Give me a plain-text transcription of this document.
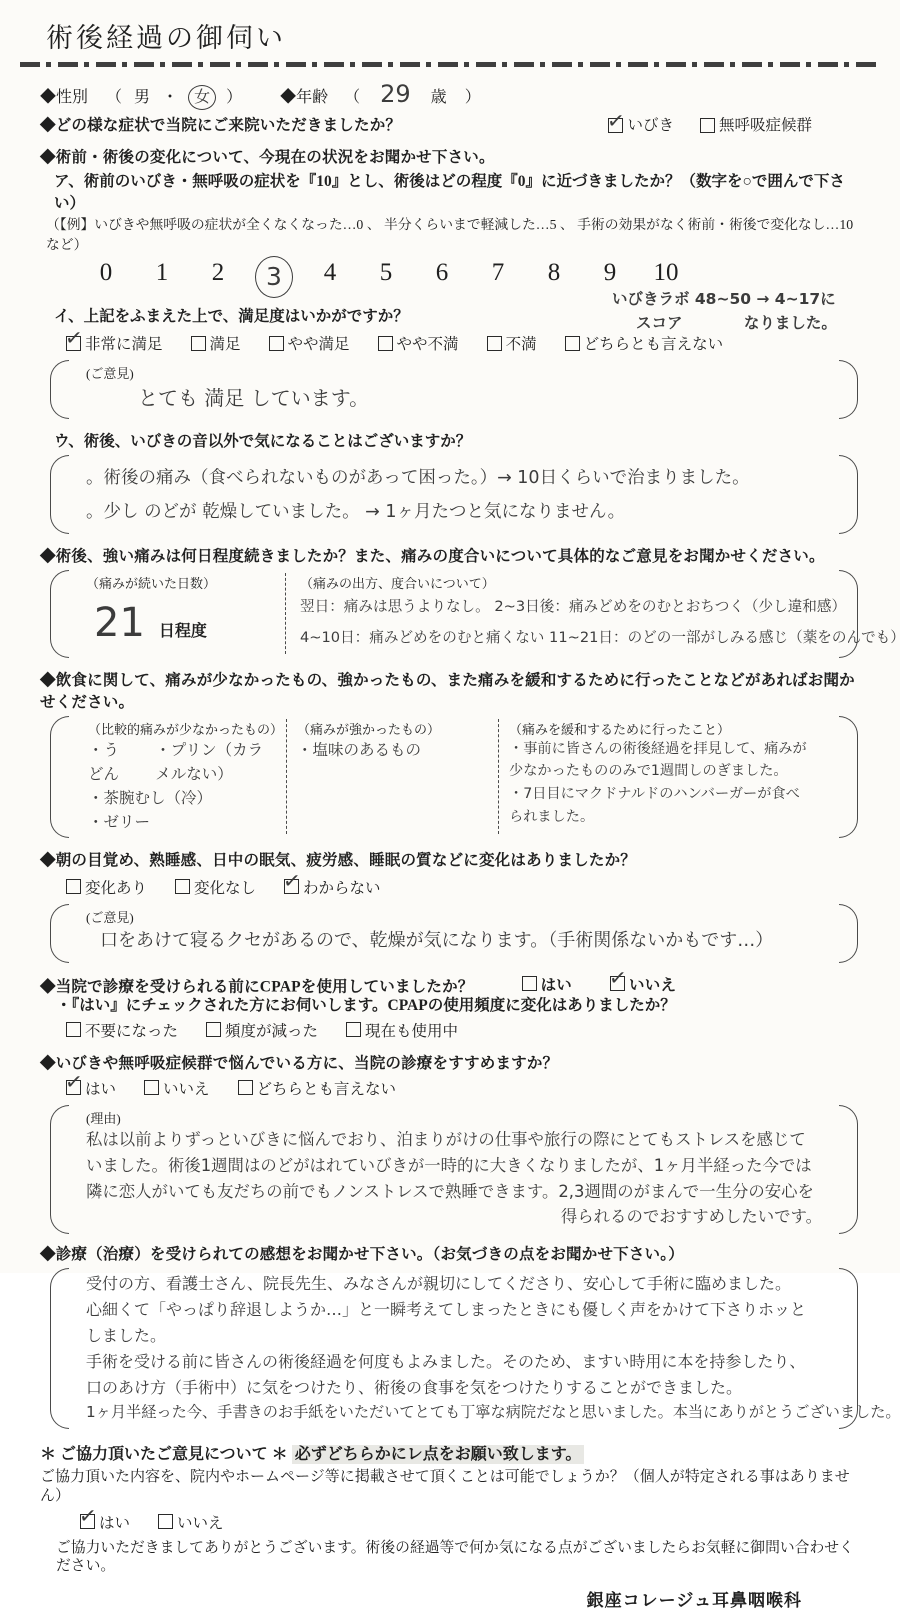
術後経過の御伺い
◆性別 （ 男 ・ 女 ） ◆年齢 （ 29 歳 ）
◆どの様な症状で当院にご来院いただきましたか？ ✓	いびき	無呼吸症候群
◆術前・術後の変化について、今現在の状況をお聞かせ下さい。
ア、術前のいびき・無呼吸の症状を『10』とし、術後はどの程度『0』に近づきましたか？（数字を○で囲んで下さい）
（【例】いびきや無呼吸の症状が全くなくなった…0 、 半分くらいまで軽減した…5 、 手術の効果がなく術前・術後で変化なし…10 など）
0	1	2	3	4	5	6	7	8	9	10
イ、上記をふまえた上で、満足度はいかがですか？
いびきラボ 48~50 → 4~17に
スコア	なりました。
✓
非常に満足	満足	やや満足	やや不満	不満	どちらとも言えない
(ご意見)
とても 満足 しています。
ウ、術後、いびきの音以外で気になることはございますか？
。術後の痛み（食べられないものがあって困った。）→ 10日くらいで治まりました。
。少し のどが 乾燥していました。 → 1ヶ月たつと気になりません。
◆術後、強い痛みは何日程度続きましたか？また、痛みの度合いについて具体的なご意見をお聞かせください。
（痛みが続いた日数）
21 日程度
（痛みの出方、度合いについて）
翌日：痛みは思うよりなし。 2~3日後：痛みどめをのむとおちつく（少し違和感）
4~10日：痛みどめをのむと痛くない 11~21日：のどの一部がしみる感じ（薬をのんでも）
◆飲食に関して、痛みが少なかったもの、強かったもの、また痛みを緩和するために行ったことなどがあればお聞かせください。
（比較的痛みが少なかったもの）
・うどん
・プリン（カラメルない）
・茶腕むし（冷）
・ゼリー
（痛みが強かったもの）
・塩味のあるもの
（痛みを緩和するために行ったこと）
・事前に皆さんの術後経過を拝見して、痛みが少なかったもののみで1週間しのぎました。
・7日目にマクドナルドのハンバーガーが食べられました。
◆朝の目覚め、熟睡感、日中の眠気、疲労感、睡眠の質などに変化はありましたか？
変化あり	変化なし ✓	わからない
(ご意見)
口をあけて寝るクセがあるので、乾燥が気になります。（手術関係ないかもです…）
◆当院で診療を受けられる前にCPAPを使用していましたか？	はい
✓	いいえ
・『はい』にチェックされた方にお伺いします。CPAPの使用頻度に変化はありましたか？
不要になった	頻度が減った	現在も使用中
◆いびきや無呼吸症候群で悩んでいる方に、当院の診療をすすめますか？
✓
はい	いいえ	どちらとも言えない
(理由)
私は以前よりずっといびきに悩んでおり、泊まりがけの仕事や旅行の際にとてもストレスを感じて
いました。術後1週間はのどがはれていびきが一時的に大きくなりましたが、1ヶ月半経った今では
隣に恋人がいても友だちの前でもノンストレスで熟睡できます。2,3週間のがまんで一生分の安心を
得られるのでおすすめしたいです。
◆診療（治療）を受けられての感想をお聞かせ下さい。（お気づきの点をお聞かせ下さい。）
受付の方、看護士さん、院長先生、みなさんが親切にしてくださり、安心して手術に臨めました。
心細くて「やっぱり辞退しようか…」と一瞬考えてしまったときにも優しく声をかけて下さりホッとしました。
手術を受ける前に皆さんの術後経過を何度もよみました。そのため、ますい時用に本を持参したり、
口のあけ方（手術中）に気をつけたり、術後の食事を気をつけたりすることができました。
1ヶ月半経った今、手書きのお手紙をいただいてとても丁寧な病院だなと思いました。本当にありがとうございました。
＊ ご協力頂いたご意見について ＊ 必ずどちらかにレ点をお願い致します。
ご協力頂いた内容を、院内やホームページ等に掲載させて頂くことは可能でしょうか？（個人が特定される事はありません）
✓
はい	いいえ
ご協力いただきましてありがとうございます。術後の経過等で何か気になる点がございましたらお気軽に御問い合わせください。
銀座コレージュ耳鼻咽喉科
